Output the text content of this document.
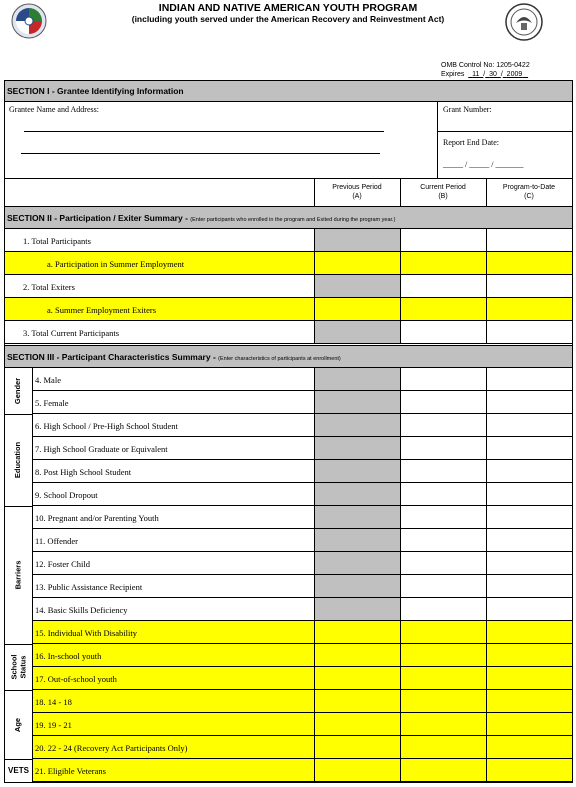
INDIAN AND NATIVE AMERICAN YOUTH PROGRAM
(including youth served under the American Recovery and Reinvestment Act)
OMB Control No: 1205-0422
Expires 11 / 30 / 2009
SECTION I - Grantee Identifying Information
Grantee Name and Address:	Grant Number:
Report End Date:
_____ / _____ / _______
Previous Period
(A)
Current Period
(B)
Program-to-Date
(C)
SECTION II - Participation / Exiter Summary - (Enter participants who enrolled in the program and Exited during the program year.)
1. Total Participants
a. Participation in Summer Employment
2. Total Exiters
a. Summer Employment Exiters
3. Total Current Participants
SECTION III - Participant Characteristics Summary - (Enter characteristics of participants at enrollment)
4. Male
5. Female
6. High School / Pre-High School Student
7. High School Graduate or Equivalent
8. Post High School Student
9. School Dropout
10. Pregnant and/or Parenting Youth
11. Offender
12. Foster Child
13. Public Assistance Recipient
14. Basic Skills Deficiency
15. Individual With Disability
16. In-school youth
17. Out-of-school youth
18. 14 - 18
19. 19 - 21
20. 22 - 24 (Recovery Act Participants Only)
21. Eligible Veterans
Gender
Education
Barriers
School Status
Age
VETS
